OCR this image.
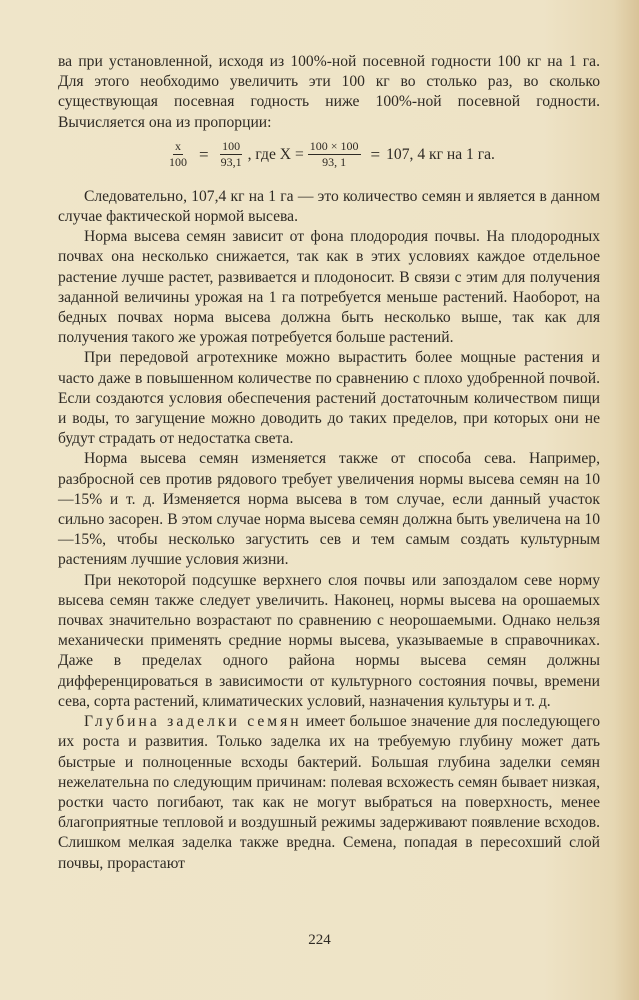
ва при установленной, исходя из 100%-ной посевной годности 100 кг на 1 га. Для этого необходимо увеличить эти 100 кг во столько раз, во сколько существующая посевная годность ниже 100%-ной посевной годности. Вычисляется она из пропорции:

$\frac{x}{100} = \frac{100}{93,1}$ , где $X = \frac{100 \times 100}{93, 1} = 107$, 4 кг на 1 га.

Следовательно, 107,4 кг на 1 га — это количество семян и является в данном случае фактической нормой высева.

Норма высева семян зависит от фона плодородия почвы. На плодородных почвах она несколько снижается, так как в этих условиях каждое отдельное растение лучше растет, развивается и плодоносит. В связи с этим для получения заданной величины урожая на 1 га потребуется меньше растений. Наоборот, на бедных почвах норма высева должна быть несколько выше, так как для получения такого же урожая потребуется больше растений.

При передовой агротехнике можно вырастить более мощные растения и часто даже в повышенном количестве по сравнению с плохо удобренной почвой. Если создаются условия обеспечения растений достаточным количеством пищи и воды, то загущение можно доводить до таких пределов, при которых они не будут страдать от недостатка света.

Норма высева семян изменяется также от способа сева. Например, разбросной сев против рядового требует увеличения нормы высева семян на 10—15% и т. д. Изменяется норма высева в том случае, если данный участок сильно засорен. В этом случае норма высева семян должна быть увеличена на 10—15%, чтобы несколько загустить сев и тем самым создать культурным растениям лучшие условия жизни.

При некоторой подсушке верхнего слоя почвы или запоздалом севе норму высева семян также следует увеличить. Наконец, нормы высева на орошаемых почвах значительно возрастают по сравнению с неорошаемыми. Однако нельзя механически применять средние нормы высева, указываемые в справочниках. Даже в пределах одного района нормы высева семян должны дифференцироваться в зависимости от культурного состояния почвы, времени сева, сорта растений, климатических условий, назначения культуры и т. д.

Глубина заделки семян имеет большое значение для последующего их роста и развития. Только заделка их на требуемую глубину может дать быстрые и полноценные всходы бактерий. Большая глубина заделки семян нежелательна по следующим причинам: полевая всхожесть семян бывает низкая, ростки часто погибают, так как не могут выбраться на поверхность, менее благоприятные тепловой и воздушный режимы задерживают появление всходов. Слишком мелкая заделка также вредна. Семена, попадая в пересохший слой почвы, прорастают

224
